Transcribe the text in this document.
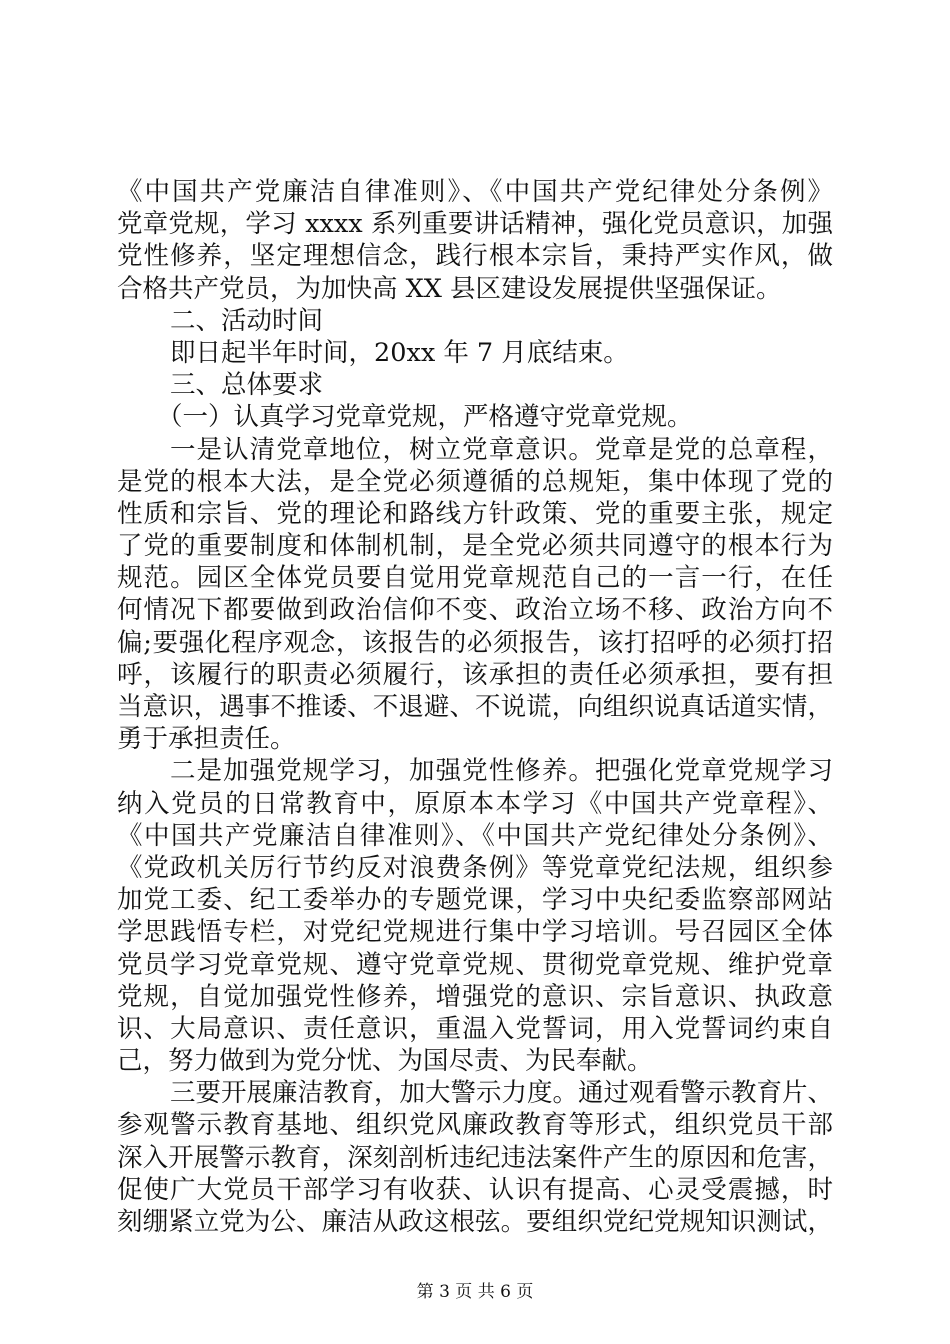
《中国共产党廉洁自律准则》、《中国共产党纪律处分条例》
党章党规，学习 xxxx 系列重要讲话精神，强化党员意识，加强
党性修养，坚定理想信念，践行根本宗旨，秉持严实作风，做
合格共产党员，为加快高 XX 县区建设发展提供坚强保证。
二、活动时间
即日起半年时间，20xx 年 7 月底结束。
三、总体要求
（一）认真学习党章党规，严格遵守党章党规。
一是认清党章地位，树立党章意识。党章是党的总章程，
是党的根本大法，是全党必须遵循的总规矩，集中体现了党的
性质和宗旨、党的理论和路线方针政策、党的重要主张，规定
了党的重要制度和体制机制，是全党必须共同遵守的根本行为
规范。园区全体党员要自觉用党章规范自己的一言一行，在任
何情况下都要做到政治信仰不变、政治立场不移、政治方向不
偏;要强化程序观念，该报告的必须报告，该打招呼的必须打招
呼，该履行的职责必须履行，该承担的责任必须承担，要有担
当意识，遇事不推诿、不退避、不说谎，向组织说真话道实情，
勇于承担责任。
二是加强党规学习，加强党性修养。把强化党章党规学习
纳入党员的日常教育中，原原本本学习《中国共产党章程》、
《中国共产党廉洁自律准则》、《中国共产党纪律处分条例》、
《党政机关厉行节约反对浪费条例》等党章党纪法规，组织参
加党工委、纪工委举办的专题党课，学习中央纪委监察部网站
学思践悟专栏，对党纪党规进行集中学习培训。号召园区全体
党员学习党章党规、遵守党章党规、贯彻党章党规、维护党章
党规，自觉加强党性修养，增强党的意识、宗旨意识、执政意
识、大局意识、责任意识，重温入党誓词，用入党誓词约束自
己，努力做到为党分忧、为国尽责、为民奉献。
三要开展廉洁教育，加大警示力度。通过观看警示教育片、
参观警示教育基地、组织党风廉政教育等形式，组织党员干部
深入开展警示教育，深刻剖析违纪违法案件产生的原因和危害，
促使广大党员干部学习有收获、认识有提高、心灵受震撼，时
刻绷紧立党为公、廉洁从政这根弦。要组织党纪党规知识测试，
第 3 页 共 6 页
